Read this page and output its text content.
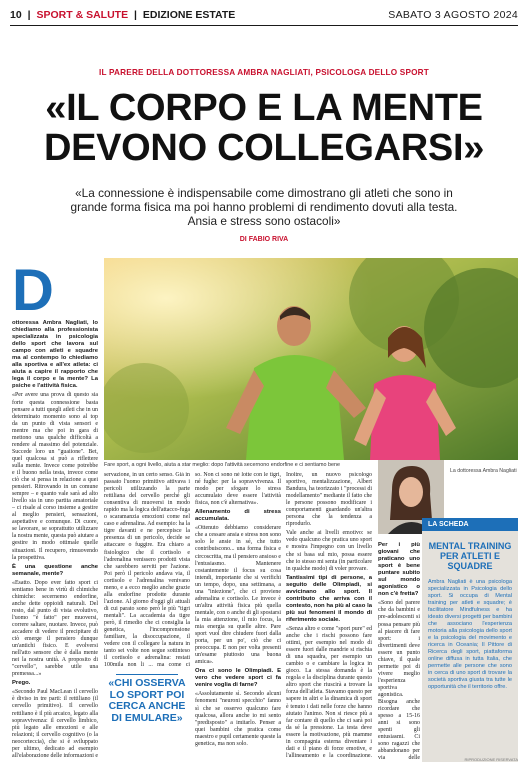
10 | SPORT & SALUTE | EDIZIONE ESTATE	SABATO 3 AGOSTO 2024
IL PARERE DELLA DOTTORESSA AMBRA NAGLIATI, PSICOLOGA DELLO SPORT
«IL CORPO E LA MENTE
DEVONO COLLEGARSI»
«La connessione è indispensabile come dimostrano gli atleti che sono in grande forma fisica ma poi hanno problemi di rendimento dovuti alla testa. Ansia e stress sono ostacoli»
DI FABIO RIVA
Fare sport, a ogni livello, aiuta a star meglio: dopo l'attività secernono endorfine e ci sentiamo bene
D

ottoressa Ambra Nagliati, lo chiediamo alla professionista specializzata in psicologia dello sport che lavora sul campo con atleti e squadre ma al contempo lo chiediamo alla sportiva e all'ex atleta: ci aiuta a capire il rapporto che lega il corpo e la mente? La psiche e l'attività fisica.

«Per avere una prova di questo sia forte questa connessione basta pensare a tutti quegli atleti che in un determinato momento sono al top da un punto di vista sensori e mentre ma che poi in gara di mettono una qualche difficoltà a rendere al massimo del potenziale. Succede loro un "guaiione". Bet, quel qualcosa si può a riflettere sulla mente. Invece come potrebbe e il buono nella testa, invece come ciò che si pensa in relazione a quei pensieri. Ritrovando in un comune sempre – e quanto vale sarà ad alto livello sia in uno partita amatoriale – ci risale al corso insieme a gestire al meglio pensieri, sensazioni, aspettative e comunque. Di cuore, se lavorare, se soprattutto utilizzare la nostra mente, questa può aiutare a gestire in modo ottimale quelle situazioni. Il recupero, rimuovendo la prospettiva.

È una questione anche semanale, mente?

«Esatto. Dopo ever fatto sport ci sentiamo bene in virtù di chimiche chimiche: secernemo endorfine, anche dette oppioidi naturali. Del resto, dal punto di vista evolutivo, l'uomo "è fatto" per muoversi, correre saltare, nuotare. Invece, può accadere di vedere il precipitare di ciò emerge il pensiero dunque un'antichi fisico. E evolversi nell'atto sensore che è dalla mente nei la nostra unità. A proposito di "cervello", sarebbe utile una premessa...»

Prego.

«Secondo Paul MacLean il cervello è diviso in tre parti: il rettiliano (il cervello primitivo). Il cervello rettiliano è il più arcaico, legato alla sopravvivenza: il cervello limbico, più legato alle emozioni e alle relazioni; il cervello cognitivo (o la neocorteccia), che si è sviluppato per ultimo, dedicato ad esempio all'elaborazione delle informazioni e

servazione, in un certo senso. Già in passato l'uomo primitivo attivava i pericoli utilizzando la parte rettiliana del cervello perché gli consentiva di muoversi in modo rapido ma la logica dell'attacco-fuga o scaramanzia emozioni come nel caso e adrenalina. Ad esempio: ha la tigre davanti e ne percepisce la presenza di un pericolo, decide se attaccare o fuggire. Era chiaro a fisiologico che il cortisolo e l'adrenalina venissero prodotti vista che sarebbero serviti per l'azione. Poi però il pericolo andava via, il cortisolo e l'adrenalina venivano meno, e a ecco meglio anche grazie alla endorfine prodotte durante l'azione. Al giorno d'oggi gli attuali di cui parato sono però le più "tigri mentali". La accademia da tigre però, il rimedio che ci consiglia la genetica, l'incomprensione familiare, la disoccupazione, il vedere con il collegare la natura in tanto sei volte non segue sottinteso il cortisolo e adrenalina: restati 100mila non li ... ma come ci

«CHI OSSERVA LO SPORT POI CERCA ANCHE DI EMULARE»

so. Non ci sono né lotte con le tigri, né fughe: per la sopravvivenza. Il modo per sfogare lo stress accumulato deve essere l'attività fisica, non c'è alternativa».

Allenamento di stress accumulata.

«Ottenuto debbiamo considerare che a cessare ansia e stress non sono solo le ansie in sé, che tutto contribuiscono... una forma fisica e circoscritta, ma il pensiero ansioso e l'entusiasmo. Mantenere costantemente il focus su cosa intendi, importante che si verifichi un tempo, dopo, una settimana, a una "iniezione", che ci proviene adrenalina e cortisolo. Le invece è un'altra attività fisica più quella mentale, con o anche di gli spostarsi la mia attenzione, il mio focus, la mia energia su quelle altre. Pare sport vuol dire chiudere fuori dalla porta, per un po', ciò che ci preoccupa. E non per volta presenti un'esame piuttosto una buona amica».

Ora ci sono le Olimpiadi. E vero che vedere sport ci fa venire voglia di farne?

«Assolutamente sì. Secondo alcuni fenomeni "neuroni specchio" fanno sì che se osservo qualcuno fare qualcosa, allora anche io mi sento "predisposto" a imitarlo. Penser a quei bambini che pratica come maestro e pupil certamente queste la genetica, ma non solo.

Inoltre, un nuovo psicologo sportivo, mentalizzazione, Albert Bandura, ha teorizzato i "processi di modellamento" mediante il fatto che le persone possono modificare i comportamenti guardando un'altra persona che la tendenza a riprodurlo.

Vale anche ai livelli emotivo: se vedo qualcuno che pratica uno sport e mostra l'impegno con un livello che si basa sul mio, possa essere che io stesso mi senta (in particolare in qualche modo) di voler provare.

Tantissimi tipi di persone, a seguito delle Olimpiadi, si avvicinano allo sport. Il contributo che arriva con il contesto, non ha più al caso la più sui fenomeni il mondo di riferimento sociale.

«Senza altro e come "sport pure" ed anche che i rischi possono fare ottimi, per esempio nel modo di essere fuori dalle mandrie si rischia di una squadra, per esempio un cambio o e cambiare la logica in gioco. La stessa domanda è la regola e la disciplina durante questo altro sport che riuscirà a trovare la forza dell'atleta. Stavamo questo per sapere in altri e la dinamica di sport è tenuto i dati nelle forze che hanno aiutato l'animo. Non si riesce più a far contare di quello che ci sarà poi da sé la pressione. La testa deve essere la motivazione, più mamme in compagnia esterna diventare i dati e il piano di forze emotive, e l'allineamento e la coordinazione.

La dottoressa Ambra Nagliati

Per i più giovani che praticano uno sport è bene puntare subito sul mondo agonistico o non c'è fretta?

«Sono del parere che da bambini e pre-adolescenti si possa pensare più al piacere di fare sport: i divertimenti deve essere un punto chiave, il quale permette poi di vivere meglio l'esperienza sportiva agonistica. Bisogna anche ricordare che spesso a 15-16 anni si sono spenti gli entusiasmi. Ci sono ragazzi che abbandonano per via delle

LA SCHEDA
MENTAL TRAINING PER ATLETI E SQUADRE

Ambra Nagliati è una psicologa specializzata in Psicologia dello sport. Si occupa di Mental training per atleti e squadre; è facilitatore Mindfulness e ha ideato diversi progetti per bambini che associano l'esperienza motoria alla psicologia dello sport e la psicologia del movimento e ricerca in Oceania; Il Pittore di Ricerca degli sport, piattaforma online diffusa in tutta Italia, che permette alle persone che sono in cerca di uno sport di trovare la società sportiva giusta tra tutte le opportunità che il territorio offre.

RIPRODUZIONE RISERVATA
